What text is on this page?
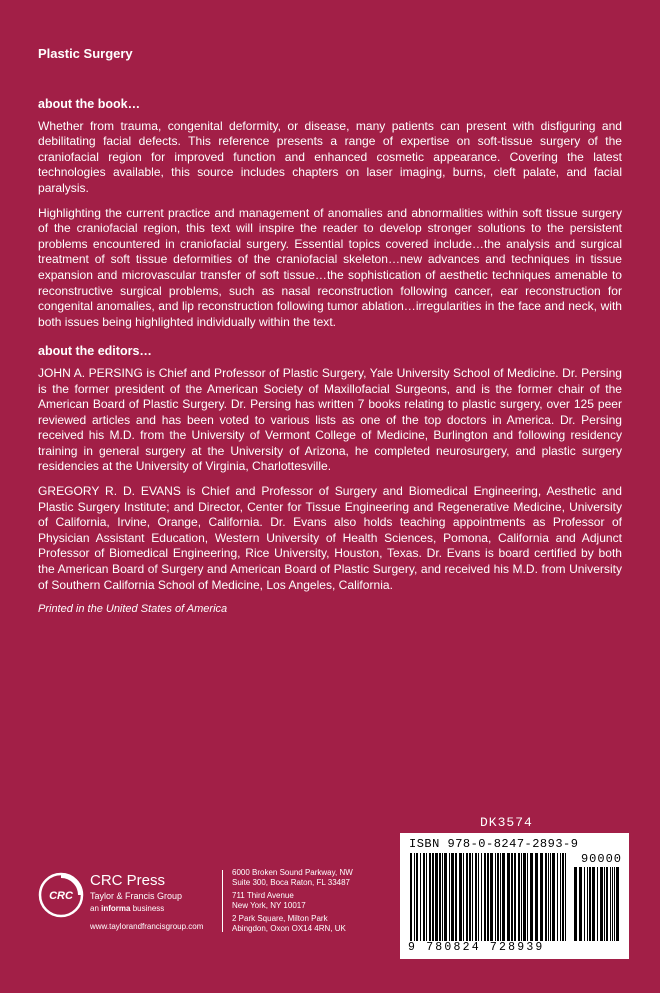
Plastic Surgery
about the book…

Whether from trauma, congenital deformity, or disease, many patients can present with disfiguring and debilitating facial defects. This reference presents a range of expertise on soft-tissue surgery of the craniofacial region for improved function and enhanced cosmetic appearance. Covering the latest technologies available, this source includes chapters on laser imaging, burns, cleft palate, and facial paralysis.

Highlighting the current practice and management of anomalies and abnormalities within soft tissue surgery of the craniofacial region, this text will inspire the reader to develop stronger solutions to the persistent problems encountered in craniofacial surgery. Essential topics covered include…the analysis and surgical treatment of soft tissue deformities of the craniofacial skeleton…new advances and techniques in tissue expansion and microvascular transfer of soft tissue…the sophistication of aesthetic techniques amenable to reconstructive surgical problems, such as nasal reconstruction following cancer, ear reconstruction for congenital anomalies, and lip reconstruction following tumor ablation…irregularities in the face and neck, with both issues being highlighted individually within the text.

about the editors…

JOHN A. PERSING is Chief and Professor of Plastic Surgery, Yale University School of Medicine. Dr. Persing is the former president of the American Society of Maxillofacial Surgeons, and is the former chair of the American Board of Plastic Surgery. Dr. Persing has written 7 books relating to plastic surgery, over 125 peer reviewed articles and has been voted to various lists as one of the top doctors in America. Dr. Persing received his M.D. from the University of Vermont College of Medicine, Burlington and following residency training in general surgery at the University of Arizona, he completed neurosurgery, and plastic surgery residencies at the University of Virginia, Charlottesville.

GREGORY R. D. EVANS is Chief and Professor of Surgery and Biomedical Engineering, Aesthetic and Plastic Surgery Institute; and Director, Center for Tissue Engineering and Regenerative Medicine, University of California, Irvine, Orange, California. Dr. Evans also holds teaching appointments as Professor of Physician Assistant Education, Western University of Health Sciences, Pomona, California and Adjunct Professor of Biomedical Engineering, Rice University, Houston, Texas. Dr. Evans is board certified by both the American Board of Surgery and American Board of Plastic Surgery, and received his M.D. from University of Southern California School of Medicine, Los Angeles, California.

Printed in the United States of America
DK3574
ISBN 978-0-8247-2893-9
90000
9 780824 728939
CRC
CRC Press
Taylor & Francis Group
an informa business
www.taylorandfrancisgroup.com
6000 Broken Sound Parkway, NW
Suite 300, Boca Raton, FL 33487
711 Third Avenue
New York, NY 10017
2 Park Square, Milton Park
Abingdon, Oxon OX14 4RN, UK
